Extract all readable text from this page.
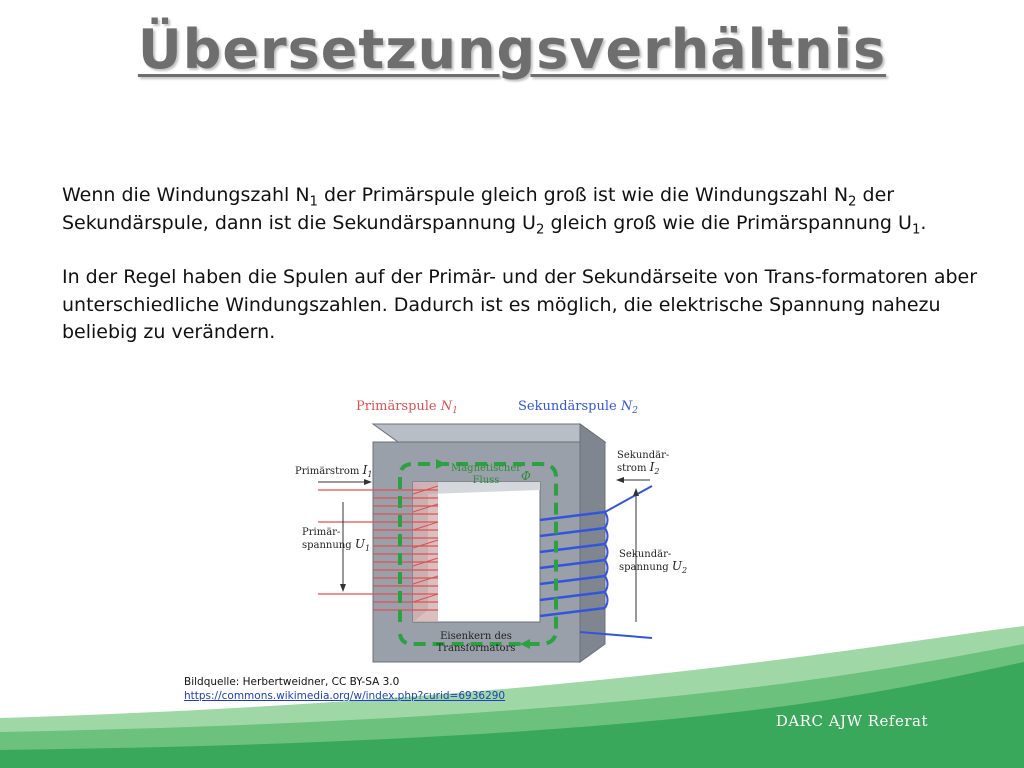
Übersetzungsverhältnis

Wenn die Windungszahl $N_1$ der Primärspule gleich groß ist wie die Windungszahl $N_2$ der Sekundärspule, dann ist die Sekundärspannung $U_2$ gleich groß wie die Primärspannung $U_1$.

In der Regel haben die Spulen auf der Primär- und der Sekundärseite von Trans-formatoren aber unterschiedliche Windungszahlen. Dadurch ist es möglich, die elektrische Spannung nahezu beliebig zu verändern.

Primärspule $N_1$	Sekundärspule $N_2$
Primärstrom $I_1$
Primär-
spannung $U_1$
Sekundär-
strom $I_2$
Sekundär-
spannung $U_2$
Magnetischer
Fluss Φ
Eisenkern des
Transformators
Bildquelle: Herbertweidner, CC BY-SA 3.0
https://commons.wikimedia.org/w/index.php?curid=6936290
DARC AJW Referat
